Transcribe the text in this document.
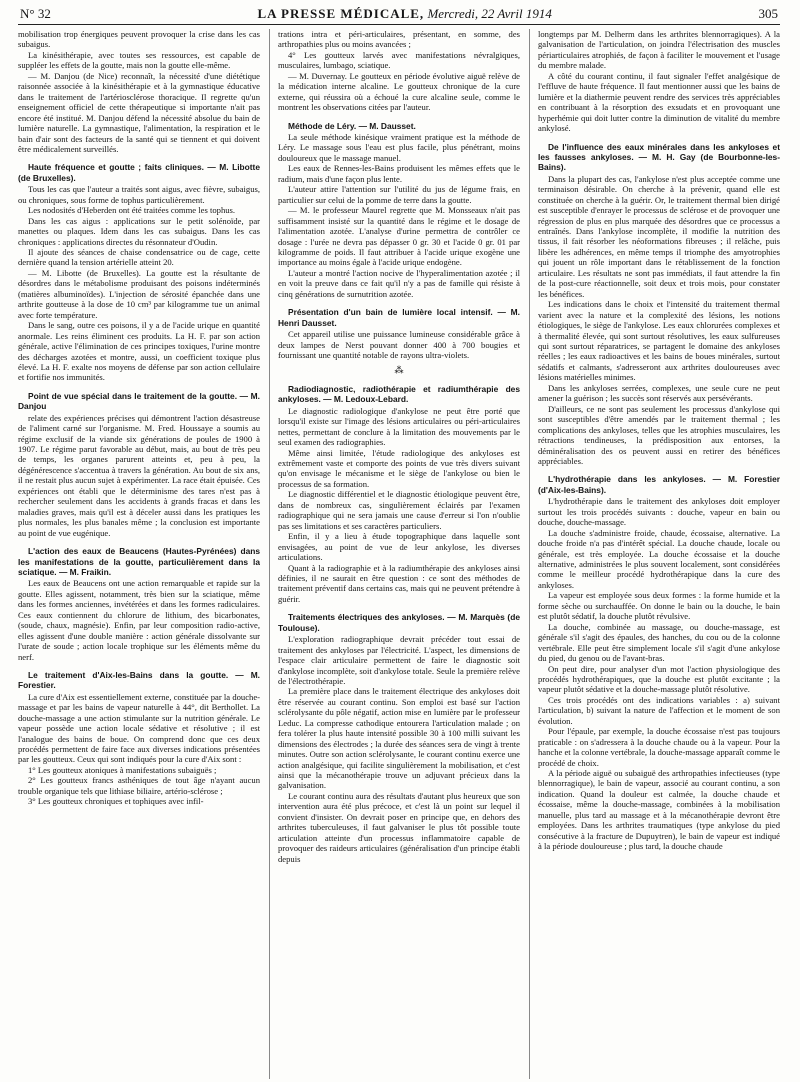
N° 32	LA PRESSE MÉDICALE, Mercredi, 22 Avril 1914	305

mobilisation trop énergiques peuvent provoquer la crise dans les cas subaigus.

La kinésithérapie, avec toutes ses ressources, est capable de suppléer les effets de la goutte, mais non la goutte elle-même.

— M. Danjou (de Nice) reconnaît, la nécessité d'une diététique raisonnée associée à la kinésithérapie et à la gymnastique éducative dans le traitement de l'artériosclérose thoracique. Il regrette qu'un enseignement officiel de cette thérapeutique si importante n'ait pas encore été institué. M. Danjou défend la nécessité absolue du bain de lumière naturelle. La gymnastique, l'alimentation, la respiration et le bain d'air sont des facteurs de la santé qui se tiennent et qui doivent être médicalement surveillés.

Haute fréquence et goutte ; faits cliniques. — M. Libotte (de Bruxelles).

Tous les cas que l'auteur a traités sont aigus, avec fièvre, subaigus, ou chroniques, sous forme de tophus particulièrement.

Les nodosités d'Heberden ont été traitées comme les tophus.

Dans les cas aigus : applications sur le petit solénoïde, par manettes ou plaques. Idem dans les cas subaigus. Dans les cas chroniques : applications directes du résonnateur d'Oudin.

Il ajoute des séances de chaise condensatrice ou de cage, cette dernière quand la tension artérielle atteint 20.

— M. Libotte (de Bruxelles). La goutte est la résultante de désordres dans le métabolisme produisant des poisons indéterminés (matières albuminoïdes). L'injection de sérosité épanchée dans une arthrite goutteuse à la dose de 10 cm³ par kilogramme tue un animal avec forte température.

Dans le sang, outre ces poisons, il y a de l'acide urique en quantité anormale. Les reins éliminent ces produits. La H. F. par son action générale, active l'élimination de ces principes toxiques, l'urine montre des décharges azotées et montre, aussi, un coefficient toxique plus élevé. La H. F. exalte nos moyens de défense par son action cellulaire et fortifie nos immunités.

Point de vue spécial dans le traitement de la goutte. — M. Danjou

relate des expériences précises qui démontrent l'action désastreuse de l'aliment carné sur l'organisme. M. Fred. Houssaye a soumis au régime exclusif de la viande six générations de poules de 1900 à 1907. Le régime parut favorable au début, mais, au bout de très peu de temps, les organes parurent atteints et, peu à peu, la dégénérescence s'accentua à travers la génération. Au bout de six ans, il ne restait plus aucun sujet à expérimenter. La race était épuisée. Ces expériences ont établi que le déterminisme des tares n'est pas à rechercher seulement dans les accidents à grands fracas et dans les maladies graves, mais qu'il est à déceler aussi dans les pratiques les plus normales, les plus banales même ; la conclusion est importante au point de vue eugénique.

L'action des eaux de Beaucens (Hautes-Pyrénées) dans les manifestations de la goutte, particulièrement dans la sciatique. — M. Fraikin.

Les eaux de Beaucens ont une action remarquable et rapide sur la goutte. Elles agissent, notamment, très bien sur la sciatique, même dans les formes anciennes, invétérées et dans les formes radiculaires. Ces eaux contiennent du chlorure de lithium, des bicarbonates, (soude, chaux, magnésie). Enfin, par leur composition radio-active, elles agissent d'une double manière : action générale dissolvante sur l'urate de soude ; action locale trophique sur les éléments même du nerf.

Le traitement d'Aix-les-Bains dans la goutte. — M. Forestier.

La cure d'Aix est essentiellement externe, constituée par la douche-massage et par les bains de vapeur naturelle à 44°, dit Berthollet. La douche-massage a une action stimulante sur la nutrition générale. Le vapeur possède une action locale sédative et résolutive ; il est l'analogue des bains de boue. On comprend donc que ces deux procédés permettent de faire face aux diverses indications présentées par les goutteux. Ceux qui sont indiqués pour la cure d'Aix sont :

1° Les goutteux atoniques à manifestations subaiguës ;

2° Les goutteux francs asthéniques de tout âge n'ayant aucun trouble organique tels que lithiase biliaire, artério-sclérose ;

3° Les goutteux chroniques et tophiques avec infil-

trations intra et péri-articulaires, présentant, en somme, des arthropathies plus ou moins avancées ;

4° Les goutteux larvés avec manifestations névralgiques, musculaires, lumbago, sciatique.

— M. Duvernay. Le goutteux en période évolutive aiguë relève de la médication interne alcaline. Le goutteux chronique de la cure externe, qui réussira où a échoué la cure alcaline seule, comme le montrent les observations citées par l'auteur.

Méthode de Léry. — M. Dausset.

La seule méthode kinésique vraiment pratique est la méthode de Léry. Le massage sous l'eau est plus facile, plus pénétrant, moins douloureux que le massage manuel.

Les eaux de Rennes-les-Bains produisent les mêmes effets que le radium, mais d'une façon plus lente.

L'auteur attire l'attention sur l'utilité du jus de légume frais, en particulier sur celui de la pomme de terre dans la goutte.

— M. le professeur Maurel regrette que M. Monsseaux n'ait pas suffisamment insisté sur la quantité dans le régime et le dosage de l'alimentation azotée. L'analyse d'urine permettra de contrôler ce dosage : l'urée ne devra pas dépasser 0 gr. 30 et l'acide 0 gr. 01 par kilogramme de poids. Il faut attribuer à l'acide urique exogène une importance au moins égale à l'acide urique endogène.

L'auteur a montré l'action nocive de l'hyperalimentation azotée ; il en voit la preuve dans ce fait qu'il n'y a pas de famille qui résiste à cinq générations de surnutrition azotée.

Présentation d'un bain de lumière local intensif. — M. Henri Dausset.

Cet appareil utilise une puissance lumineuse considérable grâce à deux lampes de Nerst pouvant donner 400 à 700 bougies et fournissant une quantité notable de rayons ultra-violets.

⁂
Radiodiagnostic, radiothérapie et radiumthérapie des ankyloses. — M. Ledoux-Lebard.

Le diagnostic radiologique d'ankylose ne peut être porté que lorsqu'il existe sur l'image des lésions articulaires ou péri-articulaires nettes, permettant de conclure à la limitation des mouvements par le seul examen des radiographies.

Même ainsi limitée, l'étude radiologique des ankyloses est extrêmement vaste et comporte des points de vue très divers suivant qu'on envisage le mécanisme et le siège de l'ankylose ou bien le processus de sa formation.

Le diagnostic différentiel et le diagnostic étiologique peuvent être, dans de nombreux cas, singulièrement éclairés par l'examen radiographique qui ne sera jamais une cause d'erreur si l'on n'oublie pas ses limitations et ses caractères particuliers.

Enfin, il y a lieu à étude topographique dans laquelle sont envisagées, au point de vue de leur ankylose, les diverses articulations.

Quant à la radiographie et à la radiumthérapie des ankyloses ainsi définies, il ne saurait en être question : ce sont des méthodes de traitement préventif dans certains cas, mais qui ne peuvent prétendre à guérir.

Traitements électriques des ankyloses. — M. Marquès (de Toulouse).

L'exploration radiographique devrait précéder tout essai de traitement des ankyloses par l'électricité. L'aspect, les dimensions de l'espace clair articulaire permettent de faire le diagnostic soit d'ankylose incomplète, soit d'ankylose totale. Seule la première relève de l'électrothérapie.

La première place dans le traitement électrique des ankyloses doit être réservée au courant continu. Son emploi est basé sur l'action sclérolysante du pôle négatif, action mise en lumière par le professeur Leduc. La compresse cathodique entourera l'articulation malade ; on fera tolérer la plus haute intensité possible 30 à 100 milli suivant les dimensions des électrodes ; la durée des séances sera de vingt à trente minutes. Outre son action sclérolysante, le courant continu exerce une action analgésique, qui facilite singulièrement la mobilisation, et c'est ainsi que la mécanothérapie trouve un adjuvant précieux dans la galvanisation.

Le courant continu aura des résultats d'autant plus heureux que son intervention aura été plus précoce, et c'est là un point sur lequel il convient d'insister. On devrait poser en principe que, en dehors des arthrites tuberculeuses, il faut galvaniser le plus tôt possible toute articulation atteinte d'un processus inflammatoire capable de provoquer des raideurs articulaires (généralisation d'un principe établi depuis

longtemps par M. Delherm dans les arthrites blennorragiques). A la galvanisation de l'articulation, on joindra l'électrisation des muscles périarticulaires atrophiés, de façon à faciliter le mouvement et l'usage du membre malade.

A côté du courant continu, il faut signaler l'effet analgésique de l'effluve de haute fréquence. Il faut mentionner aussi que les bains de lumière et la diathermie peuvent rendre des services très appréciables en contribuant à la résorption des exsudats et en provoquant une hyperhémie qui doit lutter contre la diminution de vitalité du membre ankylosé.

De l'influence des eaux minérales dans les ankyloses et les fausses ankyloses. — M. H. Gay (de Bourbonne-les-Bains).

Dans la plupart des cas, l'ankylose n'est plus acceptée comme une terminaison désirable. On cherche à la prévenir, quand elle est constituée on cherche à la guérir. Or, le traitement thermal bien dirigé est susceptible d'enrayer le processus de sclérose et de provoquer une régression de plus en plus marquée des désordres que ce processus a entraînés. Dans l'ankylose incomplète, il modifie la nutrition des tissus, il fait résorber les néoformations fibreuses ; il relâche, puis libère les adhérences, en même temps il triomphe des amyotrophies qui jouent un rôle important dans le rétablissement de la fonction articulaire. Les résultats ne sont pas immédiats, il faut attendre la fin de la post-cure réactionnelle, soit deux et trois mois, pour constater les bénéfices.

Les indications dans le choix et l'intensité du traitement thermal varient avec la nature et la complexité des lésions, les notions étiologiques, le siège de l'ankylose. Les eaux chlorurées complexes et à thermalité élevée, qui sont surtout résolutives, les eaux sulfureuses qui sont surtout réparatrices, se partagent le domaine des ankyloses réelles ; les eaux radioactives et les bains de boues minérales, surtout sédatifs et calmants, s'adresseront aux arthrites douloureuses avec lésions matérielles minimes.

Dans les ankyloses serrées, complexes, une seule cure ne peut amener la guérison ; les succès sont réservés aux persévérants.

D'ailleurs, ce ne sont pas seulement les processus d'ankylose qui sont susceptibles d'être amendés par le traitement thermal ; les complications des ankyloses, telles que les atrophies musculaires, les rétractions tendineuses, la prédisposition aux entorses, la déminéralisation des os peuvent aussi en retirer des bénéfices appréciables.

L'hydrothérapie dans les ankyloses. — M. Forestier (d'Aix-les-Bains).

L'hydrothérapie dans le traitement des ankyloses doit employer surtout les trois procédés suivants : douche, vapeur en bain ou douche, douche-massage.

La douche s'administre froide, chaude, écossaise, alternative. La douche froide n'a pas d'intérêt spécial. La douche chaude, locale ou générale, est très employée. La douche écossaise et la douche alternative, administrées le plus souvent localement, sont considérées comme le meilleur procédé hydrothérapique dans la cure des ankyloses.

La vapeur est employée sous deux formes : la forme humide et la forme sèche ou surchauffée. On donne le bain ou la douche, le bain est plutôt sédatif, la douche plutôt révulsive.

La douche, combinée au massage, ou douche-massage, est générale s'il s'agit des épaules, des hanches, du cou ou de la colonne vertébrale. Elle peut être simplement locale s'il s'agit d'une ankylose du pied, du genou ou de l'avant-bras.

On peut dire, pour analyser d'un mot l'action physiologique des procédés hydrothérapiques, que la douche est plutôt excitante ; la vapeur plutôt sédative et la douche-massage plutôt résolutive.

Ces trois procédés ont des indications variables : a) suivant l'articulation, b) suivant la nature de l'affection et le moment de son évolution.

Pour l'épaule, par exemple, la douche écossaise n'est pas toujours praticable : on s'adressera à la douche chaude ou à la vapeur. Pour la hanche et la colonne vertébrale, la douche-massage apparaît comme le procédé de choix.

A la période aiguë ou subaiguë des arthropathies infectieuses (type blennorragique), le bain de vapeur, associé au courant continu, a son indication. Quand la douleur est calmée, la douche chaude et écossaise, même la douche-massage, combinées à la mobilisation manuelle, plus tard au massage et à la mécanothérapie devront être employées. Dans les arthrites traumatiques (type ankylose du pied consécutive à la fracture de Dupuytren), le bain de vapeur est indiqué à la période douloureuse ; plus tard, la douche chaude
